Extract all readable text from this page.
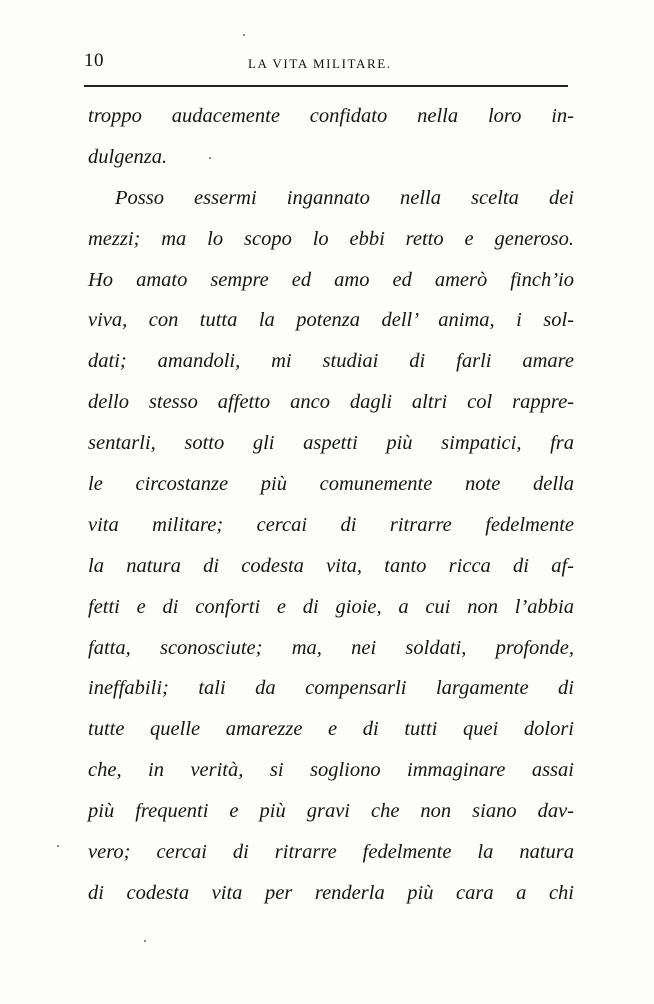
10	LA VITA MILITARE.
troppo audacemente confidato nella loro in-
dulgenza.
Posso essermi ingannato nella scelta dei
mezzi; ma lo scopo lo ebbi retto e generoso.
Ho amato sempre ed amo ed amerò finch’io
viva, con tutta la potenza dell’ anima, i sol-
dati; amandoli, mi studiai di farli amare
dello stesso affetto anco dagli altri col rappre-
sentarli, sotto gli aspetti più simpatici, fra
le circostanze più comunemente note della
vita militare; cercai di ritrarre fedelmente
la natura di codesta vita, tanto ricca di af-
fetti e di conforti e di gioie, a cui non l’abbia
fatta, sconosciute; ma, nei soldati, profonde,
ineffabili; tali da compensarli largamente di
tutte quelle amarezze e di tutti quei dolori
che, in verità, si sogliono immaginare assai
più frequenti e più gravi che non siano dav-
vero; cercai di ritrarre fedelmente la natura
di codesta vita per renderla più cara a chi
